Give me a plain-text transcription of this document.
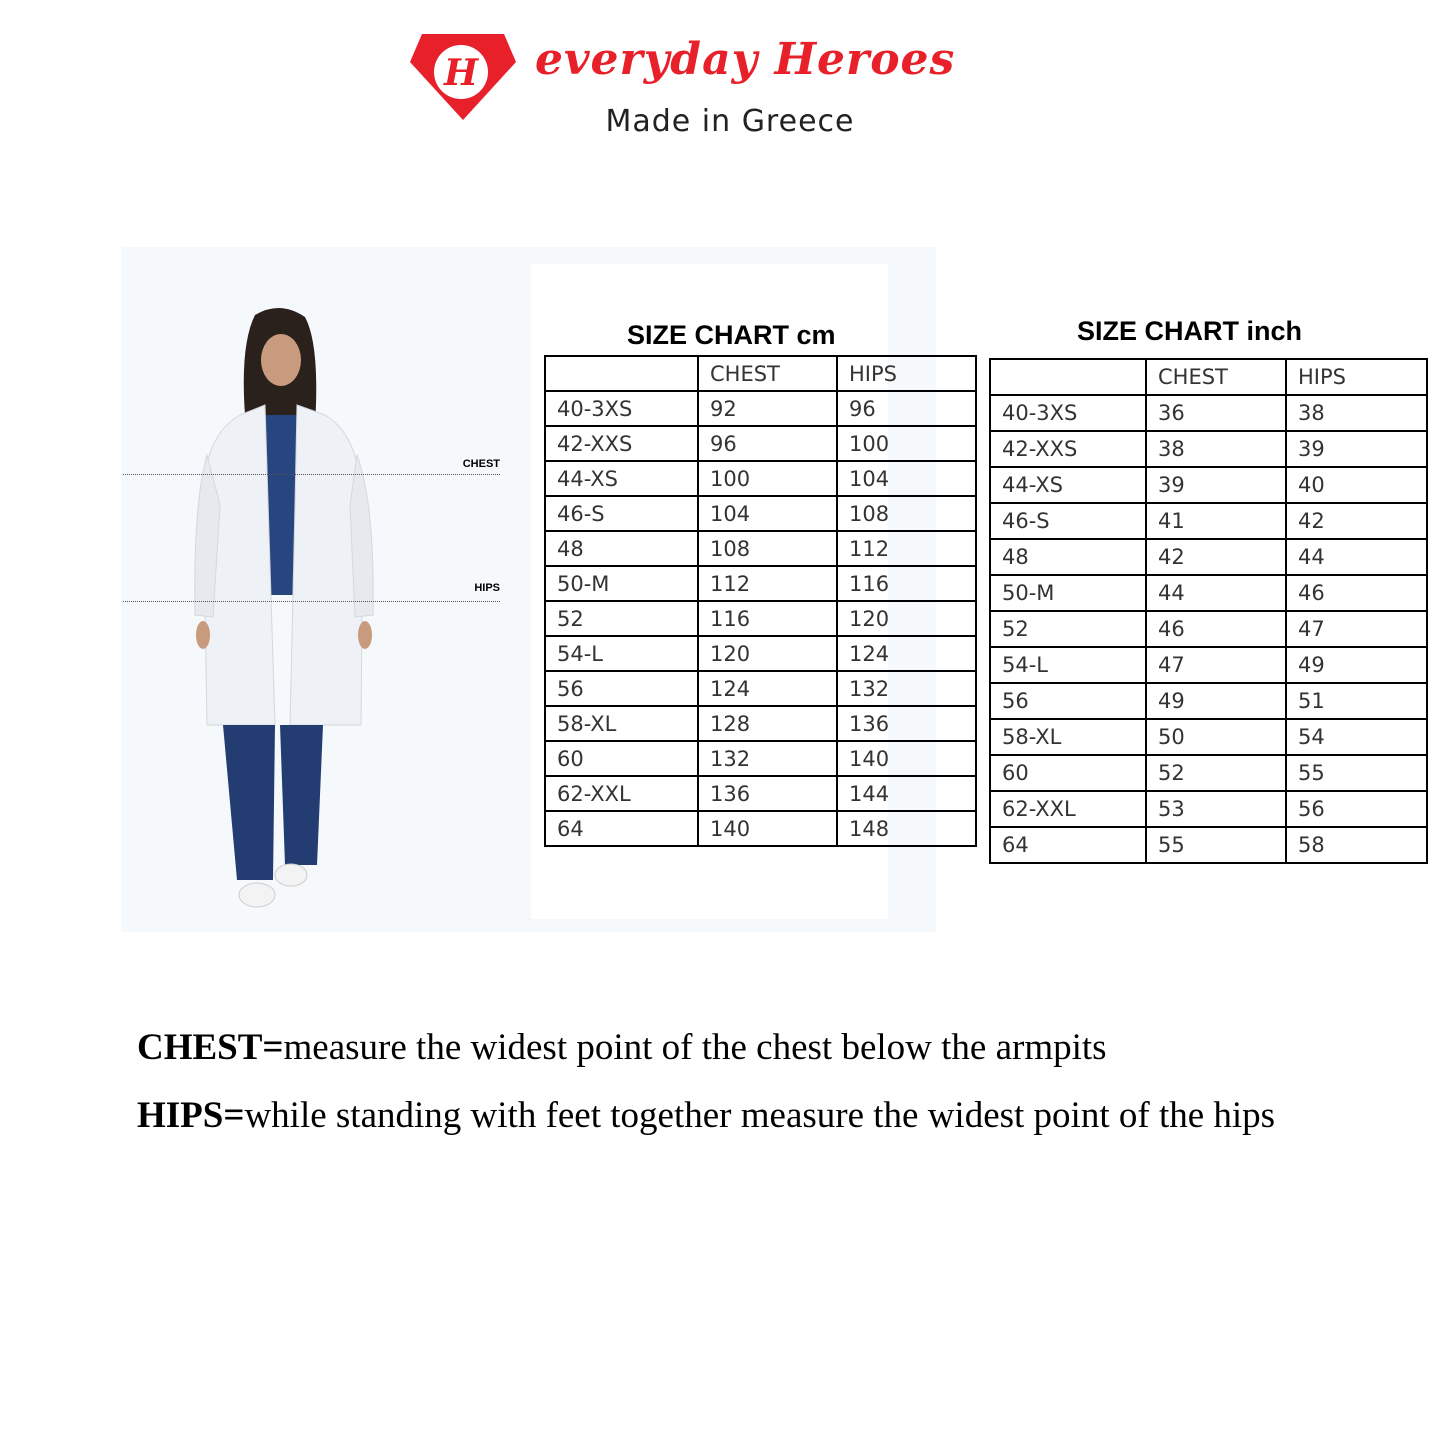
H everyday Heroes
Made in Greece
CHEST
HIPS
SIZE CHART cm
	CHEST	HIPS
40-3XS	92	96
42-XXS	96	100
44-XS	100	104
46-S	104	108
48	108	112
50-M	112	116
52	116	120
54-L	120	124
56	124	132
58-XL	128	136
60	132	140
62-XXL	136	144
64	140	148
SIZE CHART inch
	CHEST	HIPS
40-3XS	36	38
42-XXS	38	39
44-XS	39	40
46-S	41	42
48	42	44
50-M	44	46
52	46	47
54-L	47	49
56	49	51
58-XL	50	54
60	52	55
62-XXL	53	56
64	55	58
CHEST=measure the widest point of the chest below the armpits
HIPS=while standing with feet together measure the widest point of the hips
